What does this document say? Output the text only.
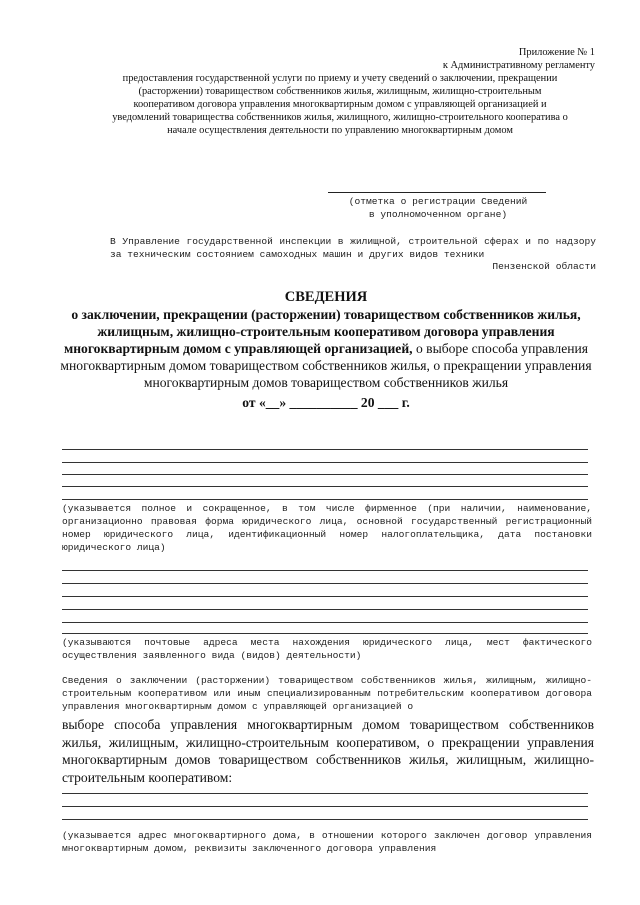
Приложение № 1
к Административному регламенту
предоставления государственной услуги по приему и учету сведений о заключении, прекращении
(расторжении) товариществом собственников жилья, жилищным, жилищно-строительным
кооперативом договора управления многоквартирным домом с управляющей организацией и
уведомлений товарищества собственников жилья, жилищного, жилищно-строительного кооператива о
начале осуществления деятельности по управлению многоквартирным домом
(отметка о регистрации Сведений
в уполномоченном органе)
В Управление государственной инспекции в жилищной, строительной сферах и по надзору за техническим состоянием самоходных машин и других видов техники
Пензенской области
СВЕДЕНИЯ
о заключении, прекращении (расторжении) товариществом собственников жилья, жилищным, жилищно-строительным кооперативом договора управления многоквартирным домом с управляющей организацией, о выборе способа управления многоквартирным домом товариществом собственников жилья, о прекращении управления многоквартирным домов товариществом собственников жилья
от «__» __________ 20 ___ г.
(указывается полное и сокращенное, в том числе фирменное (при наличии, наименование, организационно правовая форма юридического лица, основной государственный регистрационный номер юридического лица, идентификационный номер налогоплательщика, дата постановки юридического лица)
(указываются почтовые адреса места нахождения юридического лица, мест фактического осуществления заявленного вида (видов) деятельности)
Сведения о заключении (расторжении) товариществом собственников жилья, жилищным, жилищно-строительным кооперативом или иным специализированным потребительским кооперативом договора управления многоквартирным домом с управляющей организацией о
выборе способа управления многоквартирным домом товариществом собственников жилья, жилищным, жилищно-строительным кооперативом, о прекращении управления многоквартирным домов товариществом собственников жилья, жилищным, жилищно-строительным кооперативом:
(указывается адрес многоквартирного дома, в отношении которого заключен договор управления многоквартирным домом, реквизиты заключенного договора управления
